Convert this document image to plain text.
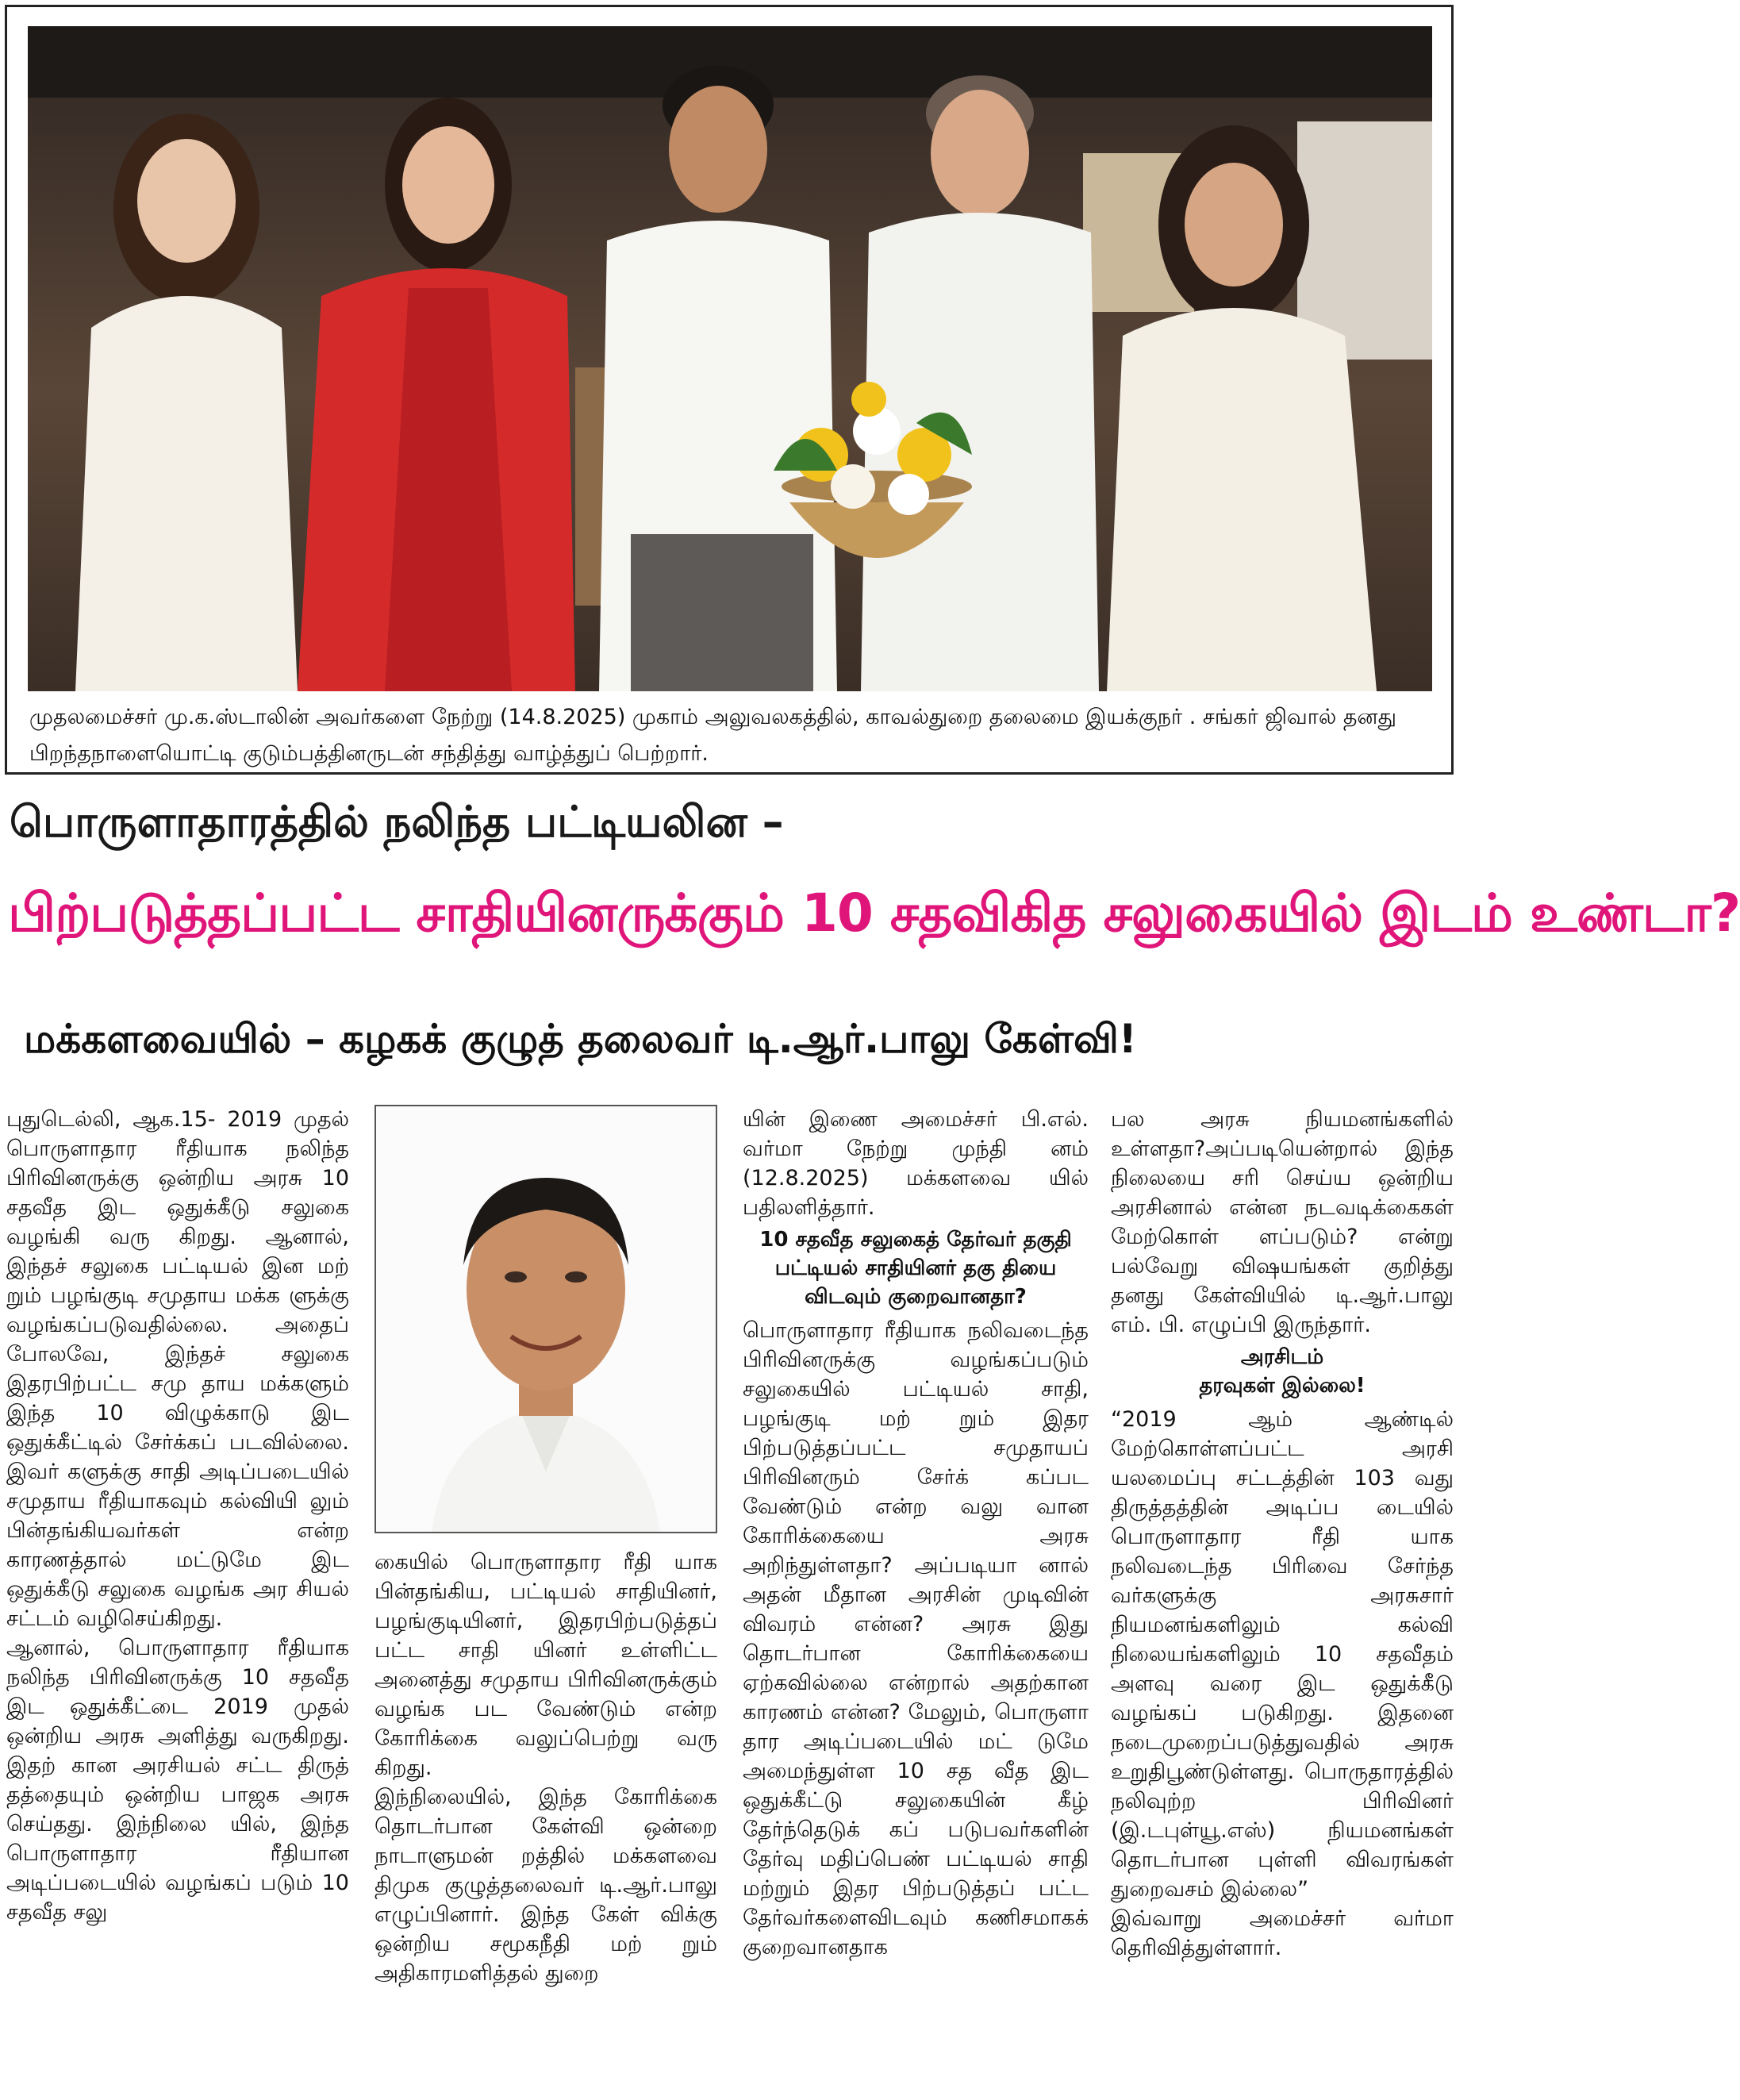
முதலமைச்சர் மு.க.ஸ்டாலின் அவர்களை நேற்று (14.8.2025) முகாம் அலுவலகத்தில், காவல்துறை தலைமை இயக்குநர் . சங்கர் ஜிவால் தனது பிறந்தநாளையொட்டி குடும்பத்தினருடன் சந்தித்து வாழ்த்துப் பெற்றார்.
பொருளாதாரத்தில் நலிந்த பட்டியலின –
பிற்படுத்தப்பட்ட சாதியினருக்கும் 10 சதவிகித சலுகையில் இடம் உண்டா?
மக்களவையில் – கழகக் குழுத் தலைவர் டி.ஆர்.பாலு கேள்வி!

புதுடெல்லி, ஆக.15- 2019 முதல் பொருளாதார ரீதியாக நலிந்த பிரிவினருக்கு ஒன்றிய அரசு 10 சதவீத இட ஒதுக்கீடு சலுகை வழங்கி வரு கிறது. ஆனால், இந்தச் சலுகை பட்டியல் இன மற் றும் பழங்குடி சமுதாய மக்க ளுக்கு வழங்கப்படுவதில்லை. அதைப் போலவே, இந்தச் சலுகை இதரபிற்பட்ட சமு தாய மக்களும் இந்த 10 விழுக்காடு இட ஒதுக்கீட்டில் சேர்க்கப் படவில்லை. இவர் களுக்கு சாதி அடிப்படையில் சமுதாய ரீதியாகவும் கல்வியி லும் பின்தங்கியவர்கள் என்ற காரணத்தால் மட்டுமே இட ஒதுக்கீடு சலுகை வழங்க அர சியல் சட்டம் வழிசெய்கிறது.

ஆனால், பொருளாதார ரீதியாக நலிந்த பிரிவினருக்கு 10 சதவீத இட ஒதுக்கீட்டை 2019 முதல் ஒன்றிய அரசு அளித்து வருகிறது. இதற் கான அரசியல் சட்ட திருத் தத்தையும் ஒன்றிய பாஜக அரசு செய்தது. இந்நிலை யில், இந்த பொருளாதார ரீதியான அடிப்படையில் வழங்கப் படும் 10 சதவீத சலு

கையில் பொருளாதார ரீதி யாக பின்தங்கிய, பட்டியல் சாதியினர், பழங்குடியினர், இதரபிற்படுத்தப் பட்ட சாதி யினர் உள்ளிட்ட அனைத்து சமுதாய பிரிவினருக்கும் வழங்க பட வேண்டும் என்ற கோரிக்கை வலுப்பெற்று வரு கிறது.

இந்நிலையில், இந்த கோரிக்கை தொடர்பான கேள்வி ஒன்றை நாடாளுமன் றத்தில் மக்களவை திமுக குழுத்தலைவர் டி.ஆர்.பாலு எழுப்பினார். இந்த கேள் விக்கு ஒன்றிய சமூகநீதி மற் றும் அதிகாரமளித்தல் துறை

யின் இணை அமைச்சர் பி.எல். வர்மா நேற்று முந்தி னம் (12.8.2025) மக்களவை யில் பதிலளித்தார்.

10 சதவீத சலுகைத் தேர்வர் தகுதி பட்டியல் சாதியினர் தகு தியை விடவும் குறைவானதா?

பொருளாதார ரீதியாக நலிவடைந்த பிரிவினருக்கு வழங்கப்படும் சலுகையில் பட்டியல் சாதி, பழங்குடி மற் றும் இதர பிற்படுத்தப்பட்ட சமுதாயப் பிரிவினரும் சேர்க் கப்பட வேண்டும் என்ற வலு வான கோரிக்கையை அரசு அறிந்துள்ளதா? அப்படியா னால் அதன் மீதான அரசின் முடிவின் விவரம் என்ன? அரசு இது தொடர்பான கோரிக்கையை ஏற்கவில்லை என்றால் அதற்கான காரணம் என்ன? மேலும், பொருளா தார அடிப்படையில் மட் டுமே அமைந்துள்ள 10 சத வீத இட ஒதுக்கீட்டு சலுகையின் கீழ் தேர்ந்தெடுக் கப் படுபவர்களின் தேர்வு மதிப்பெண் பட்டியல் சாதி மற்றும் இதர பிற்படுத்தப் பட்ட தேர்வர்களைவிடவும் கணிசமாகக் குறைவானதாக

பல அரசு நியமனங்களில் உள்ளதா?அப்படியென்றால் இந்த நிலையை சரி செய்ய ஒன்றிய அரசினால் என்ன நடவடிக்கைகள் மேற்கொள் ளப்படும்? என்று பல்வேறு விஷயங்கள் குறித்து தனது கேள்வியில் டி.ஆர்.பாலு எம். பி. எழுப்பி இருந்தார்.

அரசிடம்
தரவுகள் இல்லை!

“2019 ஆம் ஆண்டில் மேற்கொள்ளப்பட்ட அரசி யலமைப்பு சட்டத்தின் 103 வது திருத்தத்தின் அடிப்ப டையில் பொருளாதார ரீதி யாக நலிவடைந்த பிரிவை சேர்ந்த வர்களுக்கு அரசுசார் நியமனங்களிலும் கல்வி நிலையங்களிலும் 10 சதவீதம் அளவு வரை இட ஒதுக்கீடு வழங்கப் படுகிறது. இதனை நடைமுறைப்படுத்துவதில் அரசு உறுதிபூண்டுள்ளது. பொருதாரத்தில் நலிவுற்ற பிரிவினர் (இ.டபுள்யூ.எஸ்) நியமனங்கள் தொடர்பான புள்ளி விவரங்கள் துறைவசம் இல்லை”

இவ்வாறு அமைச்சர் வர்மா தெரிவித்துள்ளார்.
